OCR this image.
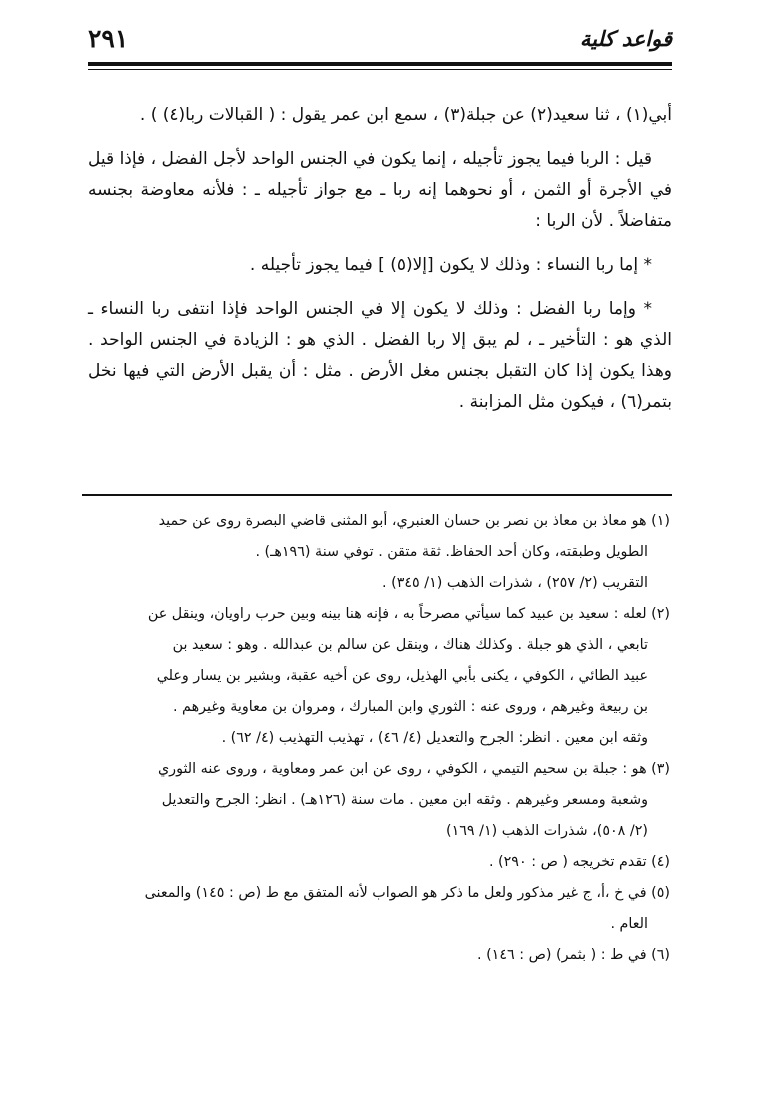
قواعد كلية
٢٩١

أبي(١) ، ثنا سعيد(٢) عن جبلة(٣) ، سمع ابن عمر يقول : ( القبالات ربا(٤) ) .

قيل : الربا فيما يجوز تأجيله ، إنما يكون في الجنس الواحد لأجل الفضل ، فإذا قيل في الأجرة أو الثمن ، أو نحوهما إنه ربا ـ مع جواز تأجيله ـ : فلأنه معاوضة بجنسه متفاضلاً . لأن الربا :

* إما ربا النساء : وذلك لا يكون [إلا(٥) ] فيما يجوز تأجيله .

* وإما ربا الفضل : وذلك لا يكون إلا في الجنس الواحد فإذا انتفى ربا النساء ـ الذي هو : التأخير ـ ، لم يبق إلا ربا الفضل . الذي هو : الزيادة في الجنس الواحد . وهذا يكون إذا كان التقبل بجنس مغل الأرض . مثل : أن يقبل الأرض التي فيها نخل بتمر(٦) ، فيكون مثل المزابنة .

(١) هو معاذ بن معاذ بن نصر بن حسان العنبري، أبو المثنى قاضي البصرة روى عن حميد
الطويل وطبقته، وكان أحد الحفاظ. ثقة متقن . توفي سنة (١٩٦هـ) .
التقريب (٢/ ٢٥٧) ، شذرات الذهب (١/ ٣٤٥) .
(٢) لعله : سعيد بن عبيد كما سيأتي مصرحاً به ، فإنه هنا بينه وبين حرب راويان، وينقل عن
تابعي ، الذي هو جبلة . وكذلك هناك ، وينقل عن سالم بن عبدالله . وهو : سعيد بن
عبيد الطائي ، الكوفي ، يكنى بأبي الهذيل، روى عن أخيه عقبة، وبشير بن يسار وعلي
بن ربيعة وغيرهم ، وروى عنه : الثوري وابن المبارك ، ومروان بن معاوية وغيرهم .
وثقه ابن معين . انظر: الجرح والتعديل (٤/ ٤٦) ، تهذيب التهذيب (٤/ ٦٢) .
(٣) هو : جبلة بن سحيم التيمي ، الكوفي ، روى عن ابن عمر ومعاوية ، وروى عنه الثوري
وشعبة ومسعر وغيرهم . وثقه ابن معين . مات سنة (١٢٦هـ) . انظر: الجرح والتعديل
(٢/ ٥٠٨)، شذرات الذهب (١/ ١٦٩)
(٤) تقدم تخريجه ( ص : ٢٩٠) .
(٥) في خ ،أ، ج غير مذكور ولعل ما ذكر هو الصواب لأنه المتفق مع ط (ص : ١٤٥) والمعنى
العام .
(٦) في ط : ( بثمر) (ص : ١٤٦) .
